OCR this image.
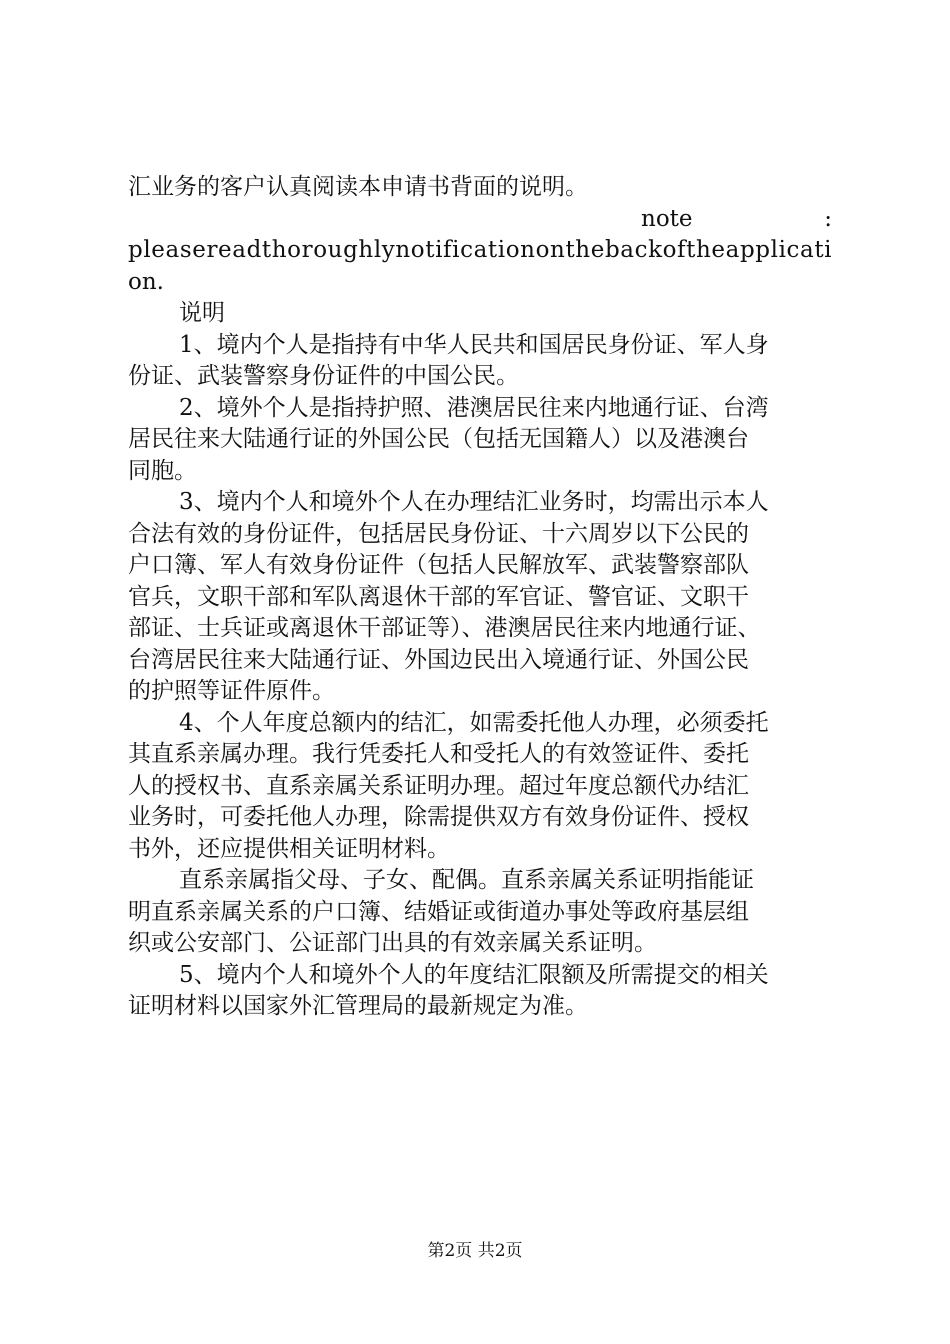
汇业务的客户认真阅读本申请书背面的说明。
note	:
p l e a s e r e a d t h o r o u g h l y n o t i f i c a t i o n o n t h e b a c k o f t h e a p p l i c a t i
on.
说明
1、境内个人是指持有中华人民共和国居民身份证、军人身
份证、武装警察身份证件的中国公民。
2、境外个人是指持护照、港澳居民往来内地通行证、台湾
居民往来大陆通行证的外国公民（包括无国籍人）以及港澳台
同胞。
3、境内个人和境外个人在办理结汇业务时，均需出示本人
合法有效的身份证件，包括居民身份证、十六周岁以下公民的
户口簿、军人有效身份证件（包括人民解放军、武装警察部队
官兵，文职干部和军队离退休干部的军官证、警官证、文职干
部证、士兵证或离退休干部证等）、港澳居民往来内地通行证、
台湾居民往来大陆通行证、外国边民出入境通行证、外国公民
的护照等证件原件。
4、个人年度总额内的结汇，如需委托他人办理，必须委托
其直系亲属办理。我行凭委托人和受托人的有效签证件、委托
人的授权书、直系亲属关系证明办理。超过年度总额代办结汇
业务时，可委托他人办理，除需提供双方有效身份证件、授权
书外，还应提供相关证明材料。
直系亲属指父母、子女、配偶。直系亲属关系证明指能证
明直系亲属关系的户口簿、结婚证或街道办事处等政府基层组
织或公安部门、公证部门出具的有效亲属关系证明。
5、境内个人和境外个人的年度结汇限额及所需提交的相关
证明材料以国家外汇管理局的最新规定为准。
第2页 共2页
